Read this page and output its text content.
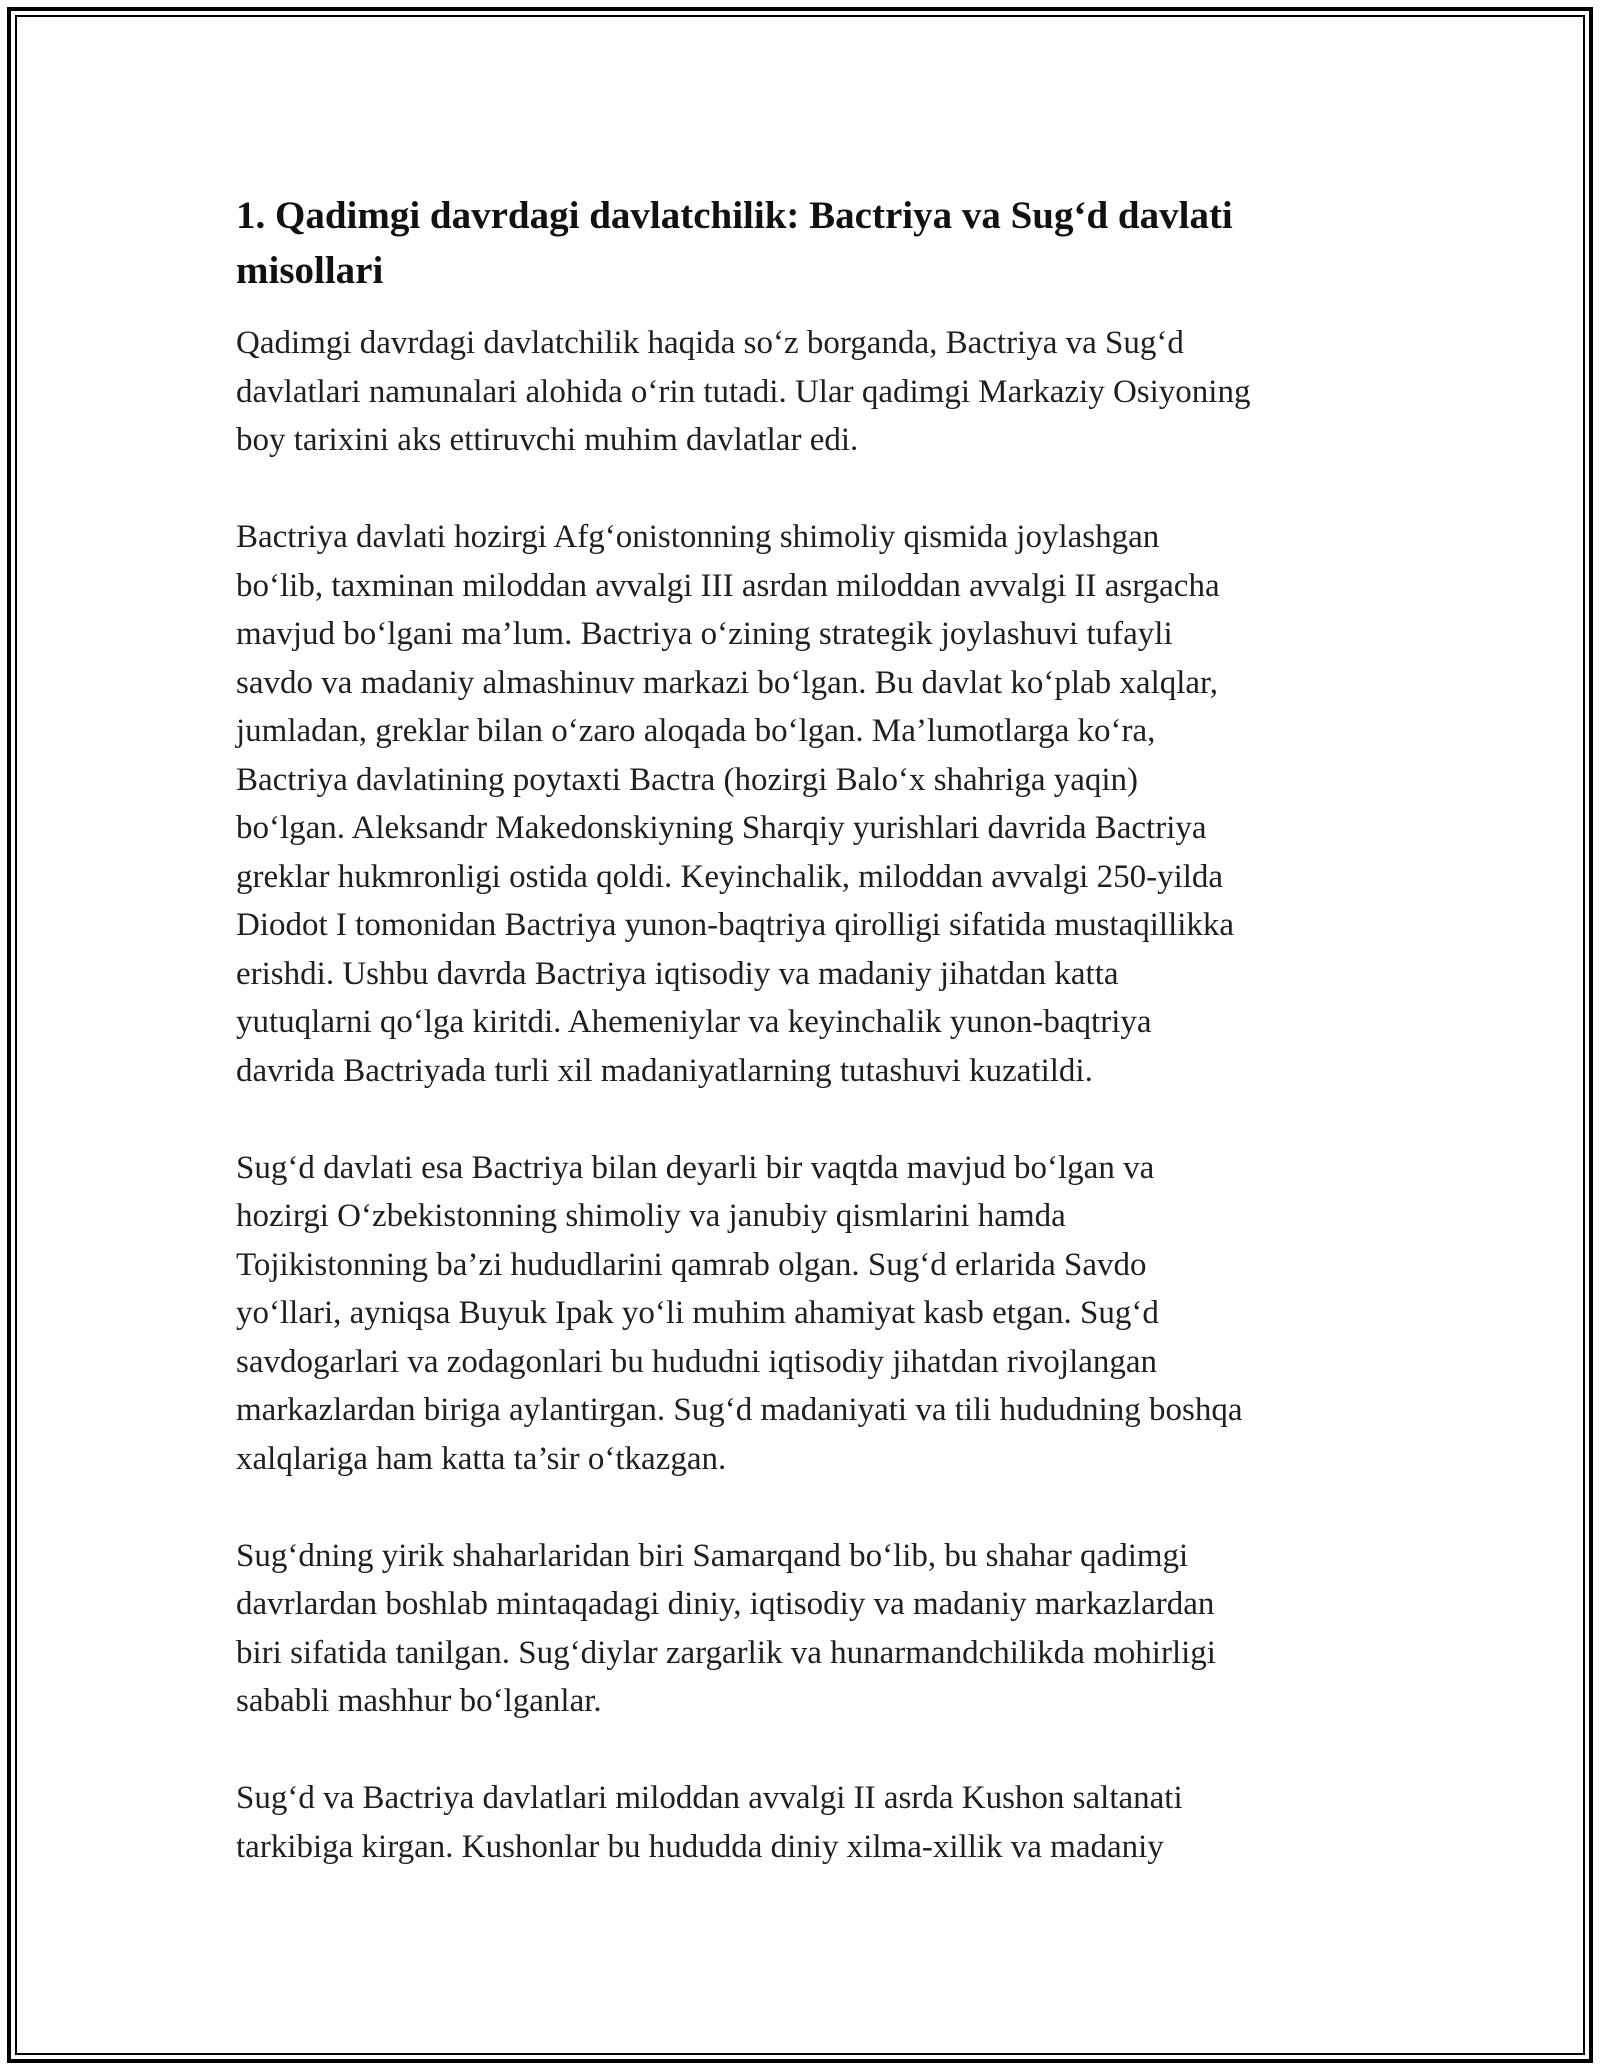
1. Qadimgi davrdagi davlatchilik: Bactriya va Sug‘d davlati
misollari

Qadimgi davrdagi davlatchilik haqida so‘z borganda, Bactriya va Sug‘d
davlatlari namunalari alohida o‘rin tutadi. Ular qadimgi Markaziy Osiyoning
boy tarixini aks ettiruvchi muhim davlatlar edi.

Bactriya davlati hozirgi Afg‘onistonning shimoliy qismida joylashgan
bo‘lib, taxminan miloddan avvalgi III asrdan miloddan avvalgi II asrgacha
mavjud bo‘lgani ma’lum. Bactriya o‘zining strategik joylashuvi tufayli
savdo va madaniy almashinuv markazi bo‘lgan. Bu davlat ko‘plab xalqlar,
jumladan, greklar bilan o‘zaro aloqada bo‘lgan. Ma’lumotlarga ko‘ra,
Bactriya davlatining poytaxti Bactra (hozirgi Balo‘x shahriga yaqin)
bo‘lgan. Aleksandr Makedonskiyning Sharqiy yurishlari davrida Bactriya
greklar hukmronligi ostida qoldi. Keyinchalik, miloddan avvalgi 250-yilda
Diodot I tomonidan Bactriya yunon-baqtriya qirolligi sifatida mustaqillikka
erishdi. Ushbu davrda Bactriya iqtisodiy va madaniy jihatdan katta
yutuqlarni qo‘lga kiritdi. Ahemeniylar va keyinchalik yunon-baqtriya
davrida Bactriyada turli xil madaniyatlarning tutashuvi kuzatildi.

Sug‘d davlati esa Bactriya bilan deyarli bir vaqtda mavjud bo‘lgan va
hozirgi O‘zbekistonning shimoliy va janubiy qismlarini hamda
Tojikistonning ba’zi hududlarini qamrab olgan. Sug‘d erlarida Savdo
yo‘llari, ayniqsa Buyuk Ipak yo‘li muhim ahamiyat kasb etgan. Sug‘d
savdogarlari va zodagonlari bu hududni iqtisodiy jihatdan rivojlangan
markazlardan biriga aylantirgan. Sug‘d madaniyati va tili hududning boshqa
xalqlariga ham katta ta’sir o‘tkazgan.

Sug‘dning yirik shaharlaridan biri Samarqand bo‘lib, bu shahar qadimgi
davrlardan boshlab mintaqadagi diniy, iqtisodiy va madaniy markazlardan
biri sifatida tanilgan. Sug‘diylar zargarlik va hunarmandchilikda mohirligi
sababli mashhur bo‘lganlar.

Sug‘d va Bactriya davlatlari miloddan avvalgi II asrda Kushon saltanati
tarkibiga kirgan. Kushonlar bu hududda diniy xilma-xillik va madaniy
